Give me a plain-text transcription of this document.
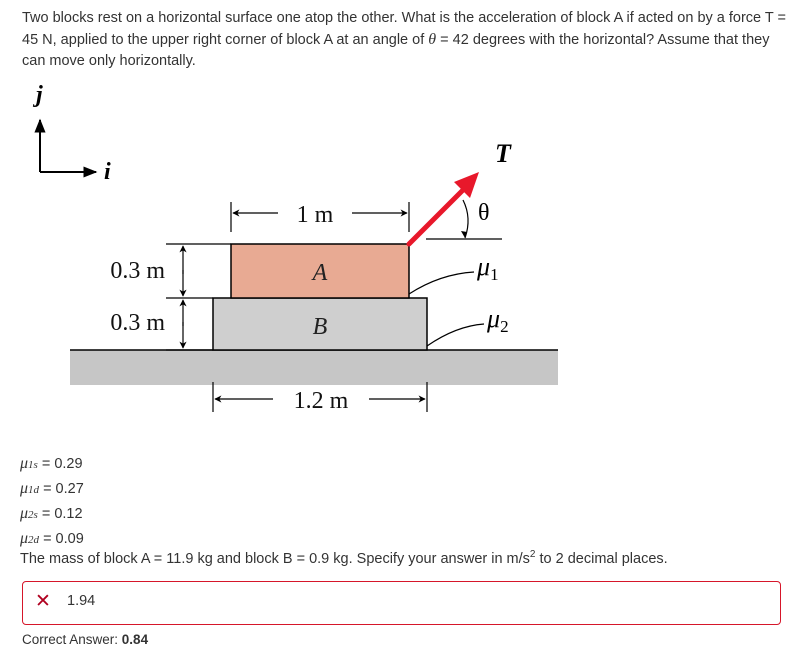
Two blocks rest on a horizontal surface one atop the other. What is the acceleration of block A if acted on by a force T = 45 N, applied to the upper right corner of block A at an angle of θ = 42 degrees with the horizontal? Assume that they can move only horizontally.
j
i
B
A
1 m
1.2 m
0.3 m
0.3 m
T
θ
μ1
μ2
μ1s = 0.29
μ1d = 0.27
μ2s = 0.12
μ2d = 0.09
The mass of block A = 11.9 kg and block B = 0.9 kg. Specify your answer in $m/s^2$ to 2 decimal places.
✕ 1.94
Correct Answer: 0.84
